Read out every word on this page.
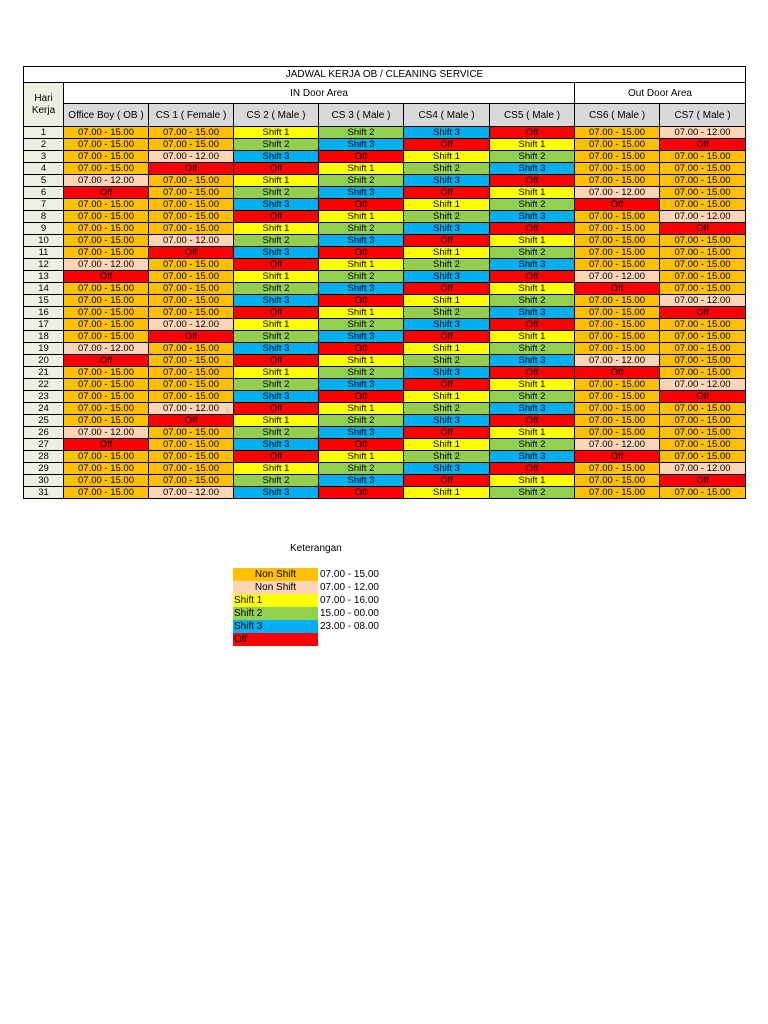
JADWAL KERJA OB / CLEANING SERVICE								
Hari Kerja	IN Door Area						Out Door Area	
	Office Boy ( OB )	CS 1 ( Female )	CS 2 ( Male )	CS 3 ( Male )	CS4 ( Male )	CS5 ( Male )	CS6 ( Male )	CS7 ( Male )
1	07.00 - 15.00	07.00 - 15.00	Shift 1	Shift 2	Shift 3	Off	07.00 - 15.00	07.00 - 12.00
2	07.00 - 15.00	07.00 - 15.00	Shift 2	Shift 3	Off	Shift 1	07.00 - 15.00	Off
3	07.00 - 15.00	07.00 - 12.00	Shift 3	Off	Shift 1	Shift 2	07.00 - 15.00	07.00 - 15.00
4	07.00 - 15.00	Off	Off	Shift 1	Shift 2	Shift 3	07.00 - 15.00	07.00 - 15.00
5	07.00 - 12.00	07.00 - 15.00	Shift 1	Shift 2	Shift 3	Off	07.00 - 15.00	07.00 - 15.00
6	Off	07.00 - 15.00	Shift 2	Shift 3	Off	Shift 1	07.00 - 12.00	07.00 - 15.00
7	07.00 - 15.00	07.00 - 15.00	Shift 3	Off	Shift 1	Shift 2	Off	07.00 - 15.00
8	07.00 - 15.00	07.00 - 15.00	Off	Shift 1	Shift 2	Shift 3	07.00 - 15.00	07.00 - 12.00
9	07.00 - 15.00	07.00 - 15.00	Shift 1	Shift 2	Shift 3	Off	07.00 - 15.00	Off
10	07.00 - 15.00	07.00 - 12.00	Shift 2	Shift 3	Off	Shift 1	07.00 - 15.00	07.00 - 15.00
11	07.00 - 15.00	Off	Shift 3	Off	Shift 1	Shift 2	07.00 - 15.00	07.00 - 15.00
12	07.00 - 12.00	07.00 - 15.00	Off	Shift 1	Shift 2	Shift 3	07.00 - 15.00	07.00 - 15.00
13	Off	07.00 - 15.00	Shift 1	Shift 2	Shift 3	Off	07.00 - 12.00	07.00 - 15.00
14	07.00 - 15.00	07.00 - 15.00	Shift 2	Shift 3	Off	Shift 1	Off	07.00 - 15.00
15	07.00 - 15.00	07.00 - 15.00	Shift 3	Off	Shift 1	Shift 2	07.00 - 15.00	07.00 - 12.00
16	07.00 - 15.00	07.00 - 15.00	Off	Shift 1	Shift 2	Shift 3	07.00 - 15.00	Off
17	07.00 - 15.00	07.00 - 12.00	Shift 1	Shift 2	Shift 3	Off	07.00 - 15.00	07.00 - 15.00
18	07.00 - 15.00	Off	Shift 2	Shift 3	Off	Shift 1	07.00 - 15.00	07.00 - 15.00
19	07.00 - 12.00	07.00 - 15.00	Shift 3	Off	Shift 1	Shift 2	07.00 - 15.00	07.00 - 15.00
20	Off	07.00 - 15.00	Off	Shift 1	Shift 2	Shift 3	07.00 - 12.00	07.00 - 15.00
21	07.00 - 15.00	07.00 - 15.00	Shift 1	Shift 2	Shift 3	Off	Off	07.00 - 15.00
22	07.00 - 15.00	07.00 - 15.00	Shift 2	Shift 3	Off	Shift 1	07.00 - 15.00	07.00 - 12.00
23	07.00 - 15.00	07.00 - 15.00	Shift 3	Off	Shift 1	Shift 2	07.00 - 15.00	Off
24	07.00 - 15.00	07.00 - 12.00	Off	Shift 1	Shift 2	Shift 3	07.00 - 15.00	07.00 - 15.00
25	07.00 - 15.00	Off	Shift 1	Shift 2	Shift 3	Off	07.00 - 15.00	07.00 - 15.00
26	07.00 - 12.00	07.00 - 15.00	Shift 2	Shift 3	Off	Shift 1	07.00 - 15.00	07.00 - 15.00
27	Off	07.00 - 15.00	Shift 3	Off	Shift 1	Shift 2	07.00 - 12.00	07.00 - 15.00
28	07.00 - 15.00	07.00 - 15.00	Off	Shift 1	Shift 2	Shift 3	Off	07.00 - 15.00
29	07.00 - 15.00	07.00 - 15.00	Shift 1	Shift 2	Shift 3	Off	07.00 - 15.00	07.00 - 12.00
30	07.00 - 15.00	07.00 - 15.00	Shift 2	Shift 3	Off	Shift 1	07.00 - 15.00	Off
31	07.00 - 15.00	07.00 - 12.00	Shift 3	Off	Shift 1	Shift 2	07.00 - 15.00	07.00 - 15.00
Keterangan
Non Shift	07.00 - 15.00
Non Shift	07.00 - 12.00
Shift 1	07.00 - 16.00
Shift 2	15.00 - 00.00
Shift 3	23.00 - 08.00
Off	
